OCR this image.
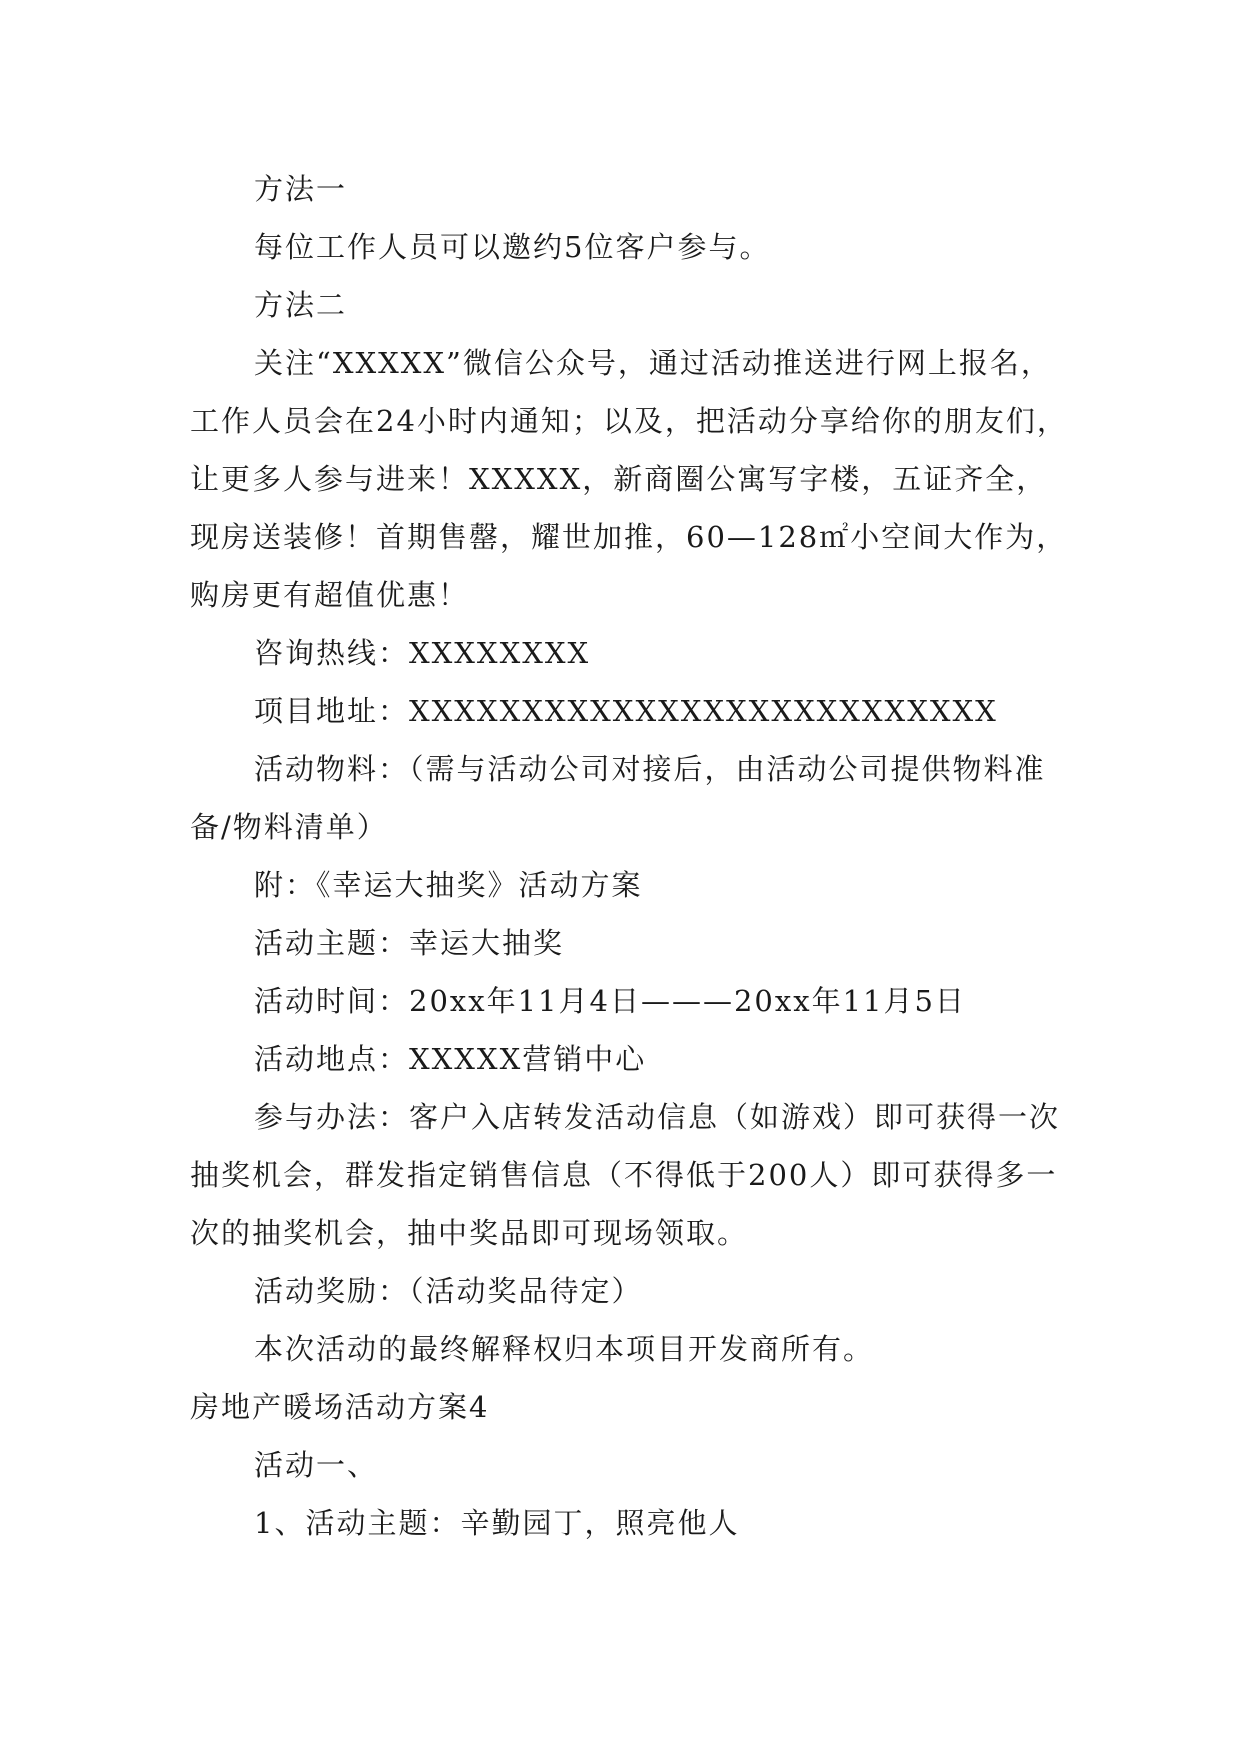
方法一

每位工作人员可以邀约5位客户参与。

方法二

关注“XXXXX”微信公众号，通过活动推送进行网上报名，工作人员会在24小时内通知；以及，把活动分享给你的朋友们，让更多人参与进来！XXXXX，新商圈公寓写字楼，五证齐全，现房送装修！首期售罄，耀世加推，60—128㎡小空间大作为，购房更有超值优惠！

咨询热线：XXXXXXXX

项目地址：XXXXXXXXXXXXXXXXXXXXXXXXXX

活动物料：（需与活动公司对接后，由活动公司提供物料准备/物料清单）

附：《幸运大抽奖》活动方案

活动主题：幸运大抽奖

活动时间：20xx年11月4日———20xx年11月5日

活动地点：XXXXX营销中心

参与办法：客户入店转发活动信息（如游戏）即可获得一次抽奖机会，群发指定销售信息（不得低于200人）即可获得多一次的抽奖机会，抽中奖品即可现场领取。

活动奖励：（活动奖品待定）

本次活动的最终解释权归本项目开发商所有。

房地产暖场活动方案4

活动一、

1、活动主题：辛勤园丁，照亮他人
